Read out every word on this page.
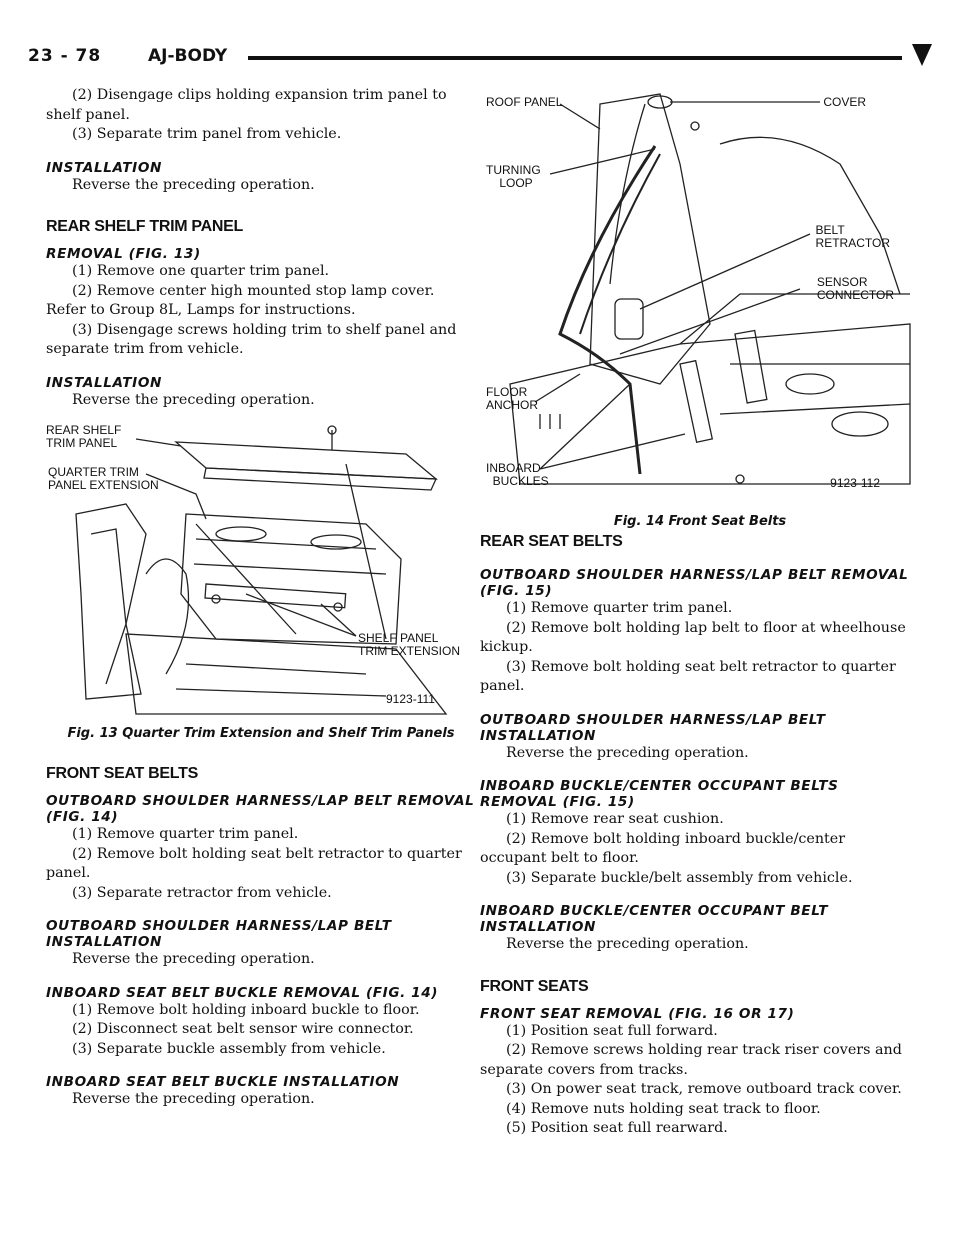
23 - 78	AJ-BODY

(2) Disengage clips holding expansion trim panel to shelf panel.

(3) Separate trim panel from vehicle.

INSTALLATION

Reverse the preceding operation.

REAR SHELF TRIM PANEL
REMOVAL (FIG. 13)

(1) Remove one quarter trim panel.

(2) Remove center high mounted stop lamp cover. Refer to Group 8L, Lamps for instructions.

(3) Disengage screws holding trim to shelf panel and separate trim from vehicle.

INSTALLATION

Reverse the preceding operation.

REAR SHELF
TRIM PANEL
QUARTER TRIM
PANEL EXTENSION
SHELF PANEL
TRIM EXTENSION
9123-111
Fig. 13 Quarter Trim Extension and Shelf Trim Panels
FRONT SEAT BELTS
OUTBOARD SHOULDER HARNESS/LAP BELT REMOVAL (FIG. 14)

(1) Remove quarter trim panel.

(2) Remove bolt holding seat belt retractor to quarter panel.

(3) Separate retractor from vehicle.

OUTBOARD SHOULDER HARNESS/LAP BELT INSTALLATION

Reverse the preceding operation.

INBOARD SEAT BELT BUCKLE REMOVAL (FIG. 14)

(1) Remove bolt holding inboard buckle to floor.

(2) Disconnect seat belt sensor wire connector.

(3) Separate buckle assembly from vehicle.

INBOARD SEAT BELT BUCKLE INSTALLATION

Reverse the preceding operation.

ROOF PANEL	COVER
TURNING
LOOP
BELT
RETRACTOR
SENSOR
CONNECTOR
FLOOR
ANCHOR
INBOARD
BUCKLES	9123-112
Fig. 14 Front Seat Belts
REAR SEAT BELTS
OUTBOARD SHOULDER HARNESS/LAP BELT REMOVAL (FIG. 15)

(1) Remove quarter trim panel.

(2) Remove bolt holding lap belt to floor at wheelhouse kickup.

(3) Remove bolt holding seat belt retractor to quarter panel.

OUTBOARD SHOULDER HARNESS/LAP BELT INSTALLATION

Reverse the preceding operation.

INBOARD BUCKLE/CENTER OCCUPANT BELTS REMOVAL (FIG. 15)

(1) Remove rear seat cushion.

(2) Remove bolt holding inboard buckle/center occupant belt to floor.

(3) Separate buckle/belt assembly from vehicle.

INBOARD BUCKLE/CENTER OCCUPANT BELT INSTALLATION

Reverse the preceding operation.

FRONT SEATS
FRONT SEAT REMOVAL (FIG. 16 OR 17)

(1) Position seat full forward.

(2) Remove screws holding rear track riser covers and separate covers from tracks.

(3) On power seat track, remove outboard track cover.

(4) Remove nuts holding seat track to floor.

(5) Position seat full rearward.
